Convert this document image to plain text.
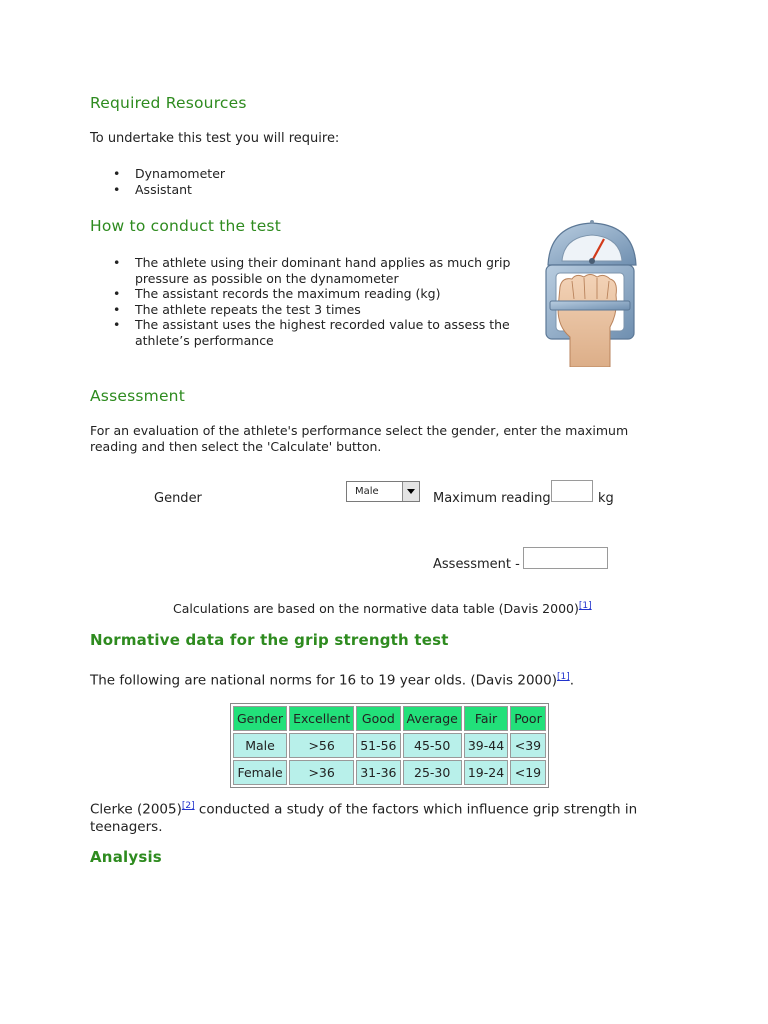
Required Resources

To undertake this test you will require:

• Dynamometer
• Assistant
How to conduct the test
• The athlete using their dominant hand applies as much grip pressure as possible on the dynamometer
• The assistant records the maximum reading (kg)
• The athlete repeats the test 3 times
• The assistant uses the highest recorded value to assess the athlete’s performance
Assessment

For an evaluation of the athlete's performance select the gender, enter the maximum reading and then select the 'Calculate' button.

Gender	Male	Maximum reading	kg
Assessment -

Calculations are based on the normative data table (Davis 2000)[1]

Normative data for the grip strength test

The following are national norms for 16 to 19 year olds. (Davis 2000)[1].

Gender	Excellent	Good	Average	Fair	Poor
Male	>56	51-56	45-50	39-44	<39
Female	>36	31-36	25-30	19-24	<19

Clerke (2005)[2] conducted a study of the factors which influence grip strength in teenagers.

Analysis
